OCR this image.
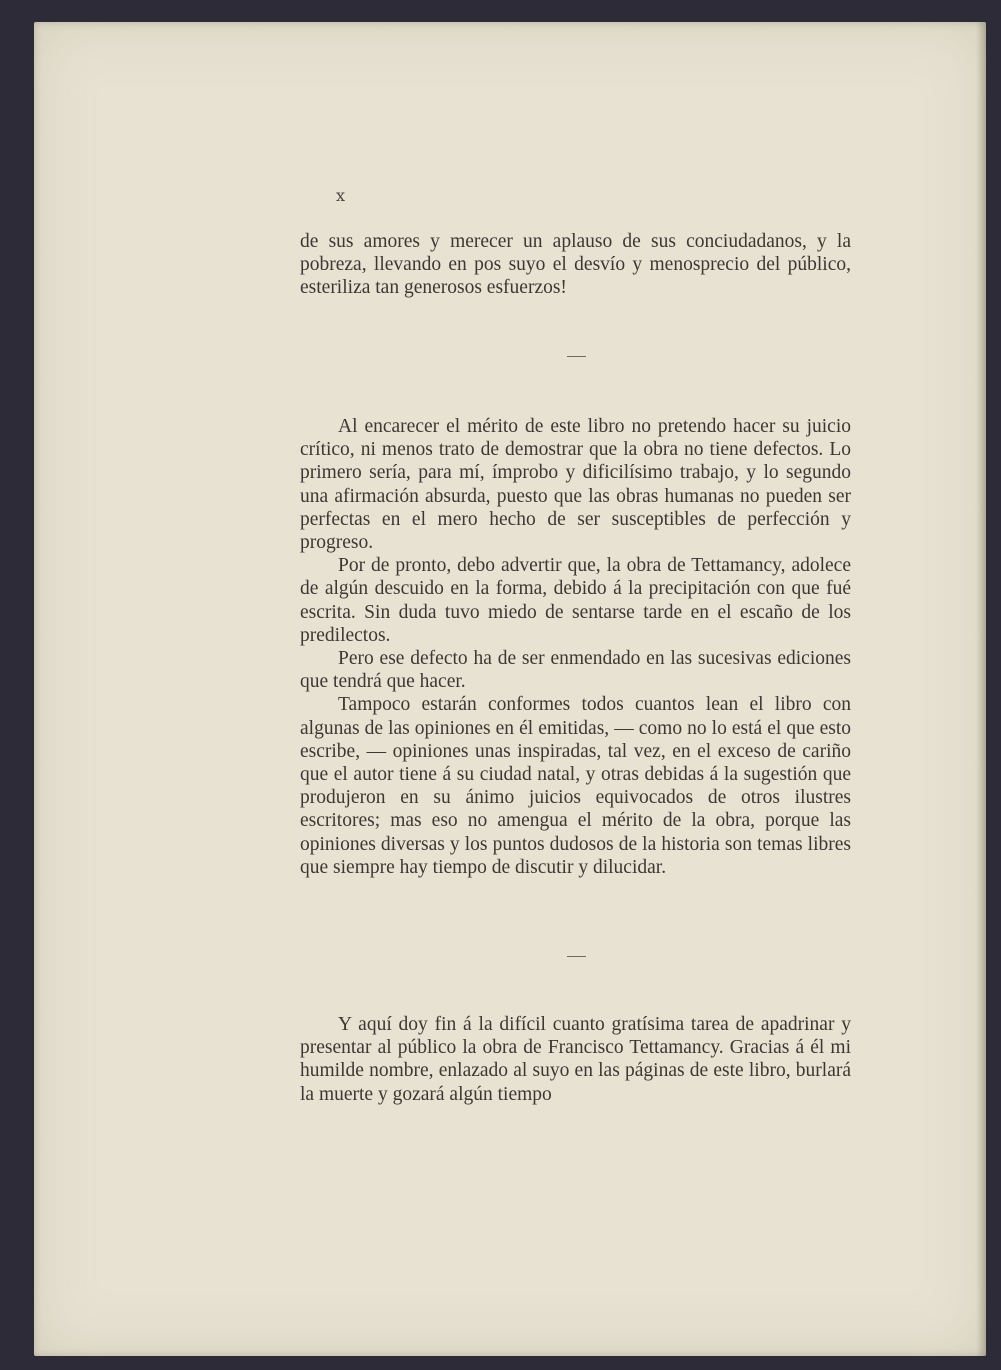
x

de sus amores y merecer un aplauso de sus conciudadanos, y la pobreza, llevando en pos suyo el desvío y menosprecio del público, esteriliza tan generosos esfuerzos!

Al encarecer el mérito de este libro no pretendo hacer su juicio crítico, ni menos trato de demostrar que la obra no tiene defectos. Lo primero sería, para mí, ímprobo y dificilísimo trabajo, y lo segundo una afirmación absurda, puesto que las obras humanas no pueden ser perfectas en el mero hecho de ser susceptibles de perfección y progreso.

Por de pronto, debo advertir que, la obra de Tettamancy, adolece de algún descuido en la forma, debido á la precipitación con que fué escrita. Sin duda tuvo miedo de sentarse tarde en el escaño de los predilectos.

Pero ese defecto ha de ser enmendado en las sucesivas ediciones que tendrá que hacer.

Tampoco estarán conformes todos cuantos lean el libro con algunas de las opiniones en él emitidas, — como no lo está el que esto escribe, — opiniones unas inspiradas, tal vez, en el exceso de cariño que el autor tiene á su ciudad natal, y otras debidas á la sugestión que produjeron en su ánimo juicios equivocados de otros ilustres escritores; mas eso no amengua el mérito de la obra, porque las opiniones diversas y los puntos dudosos de la historia son temas libres que siempre hay tiempo de discutir y dilucidar.

Y aquí doy fin á la difícil cuanto gratísima tarea de apadrinar y presentar al público la obra de Francisco Tettamancy. Gracias á él mi humilde nombre, enlazado al suyo en las páginas de este libro, burlará la muerte y gozará algún tiempo
